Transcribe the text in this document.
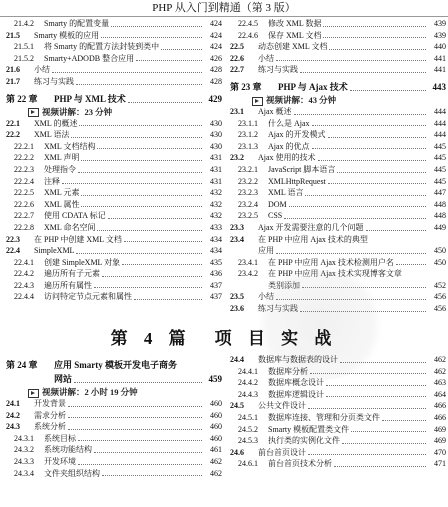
PHP 从入门到精通（第 3 版）
21.4.2	Smarty 的配置变量	424
21.5	Smarty 模板的应用	424
21.5.1	将 Smarty 的配置方法封装到类中	424
21.5.2	Smarty+ADODB 整合应用	426
21.6	小结	428
21.7	练习与实践	428
第 22 章	PHP 与 XML 技术	429
视频讲解：23 分钟
22.1	XML 的概述	430
22.2	XML 语法	430
22.2.1	XML 文档结构	430
22.2.2	XML 声明	431
22.2.3	处理指令	431
22.2.4	注释	431
22.2.5	XML 元素	432
22.2.6	XML 属性	432
22.2.7	使用 CDATA 标记	432
22.2.8	XML 命名空间	433
22.3	在 PHP 中创建 XML 文档	434
22.4	SimpleXML	434
22.4.1	创建 SimpleXML 对象	435
22.4.2	遍历所有子元素	436
22.4.3	遍历所有属性	437
22.4.4	访问特定节点元素和属性	437
22.4.5	修改 XML 数据	439
22.4.6	保存 XML 文档	439
22.5	动态创建 XML 文档	440
22.6	小结	441
22.7	练习与实践	441
第 23 章	PHP 与 Ajax 技术	443
视频讲解：43 分钟
23.1	Ajax 概述	444
23.1.1	什么是 Ajax	444
23.1.2	Ajax 的开发模式	444
23.1.3	Ajax 的优点	445
23.2	Ajax 使用的技术	445
23.2.1	JavaScript 脚本语言	445
23.2.2	XMLHttpRequest	445
23.2.3	XML 语言	447
23.2.4	DOM	448
23.2.5	CSS	448
23.3	Ajax 开发需要注意的几个问题	449
23.4	在 PHP 中应用 Ajax 技术的典型
应用	450
23.4.1	在 PHP 中应用 Ajax 技术检测用户名	450
23.4.2	在 PHP 中应用 Ajax 技术实现博客文章
类别添加	452
23.5	小结	456
23.6	练习与实践	456
第 4 篇　项 目 实 战
第 24 章	应用 Smarty 模板开发电子商务
网站	459
视频讲解：2 小时 19 分钟
24.1	开发背景	460
24.2	需求分析	460
24.3	系统分析	460
24.3.1	系统目标	460
24.3.2	系统功能结构	461
24.3.3	开发环境	462
24.3.4	文件夹组织结构	462
24.4	数据库与数据表的设计	462
24.4.1	数据库分析	462
24.4.2	数据库概念设计	463
24.4.3	数据库逻辑设计	464
24.5	公共文件设计	466
24.5.1	数据库连接、管理和分页类文件	466
24.5.2	Smarty 模板配置类文件	469
24.5.3	执行类的实例化文件	469
24.6	前台首页设计	470
24.6.1	前台首页技术分析	471
